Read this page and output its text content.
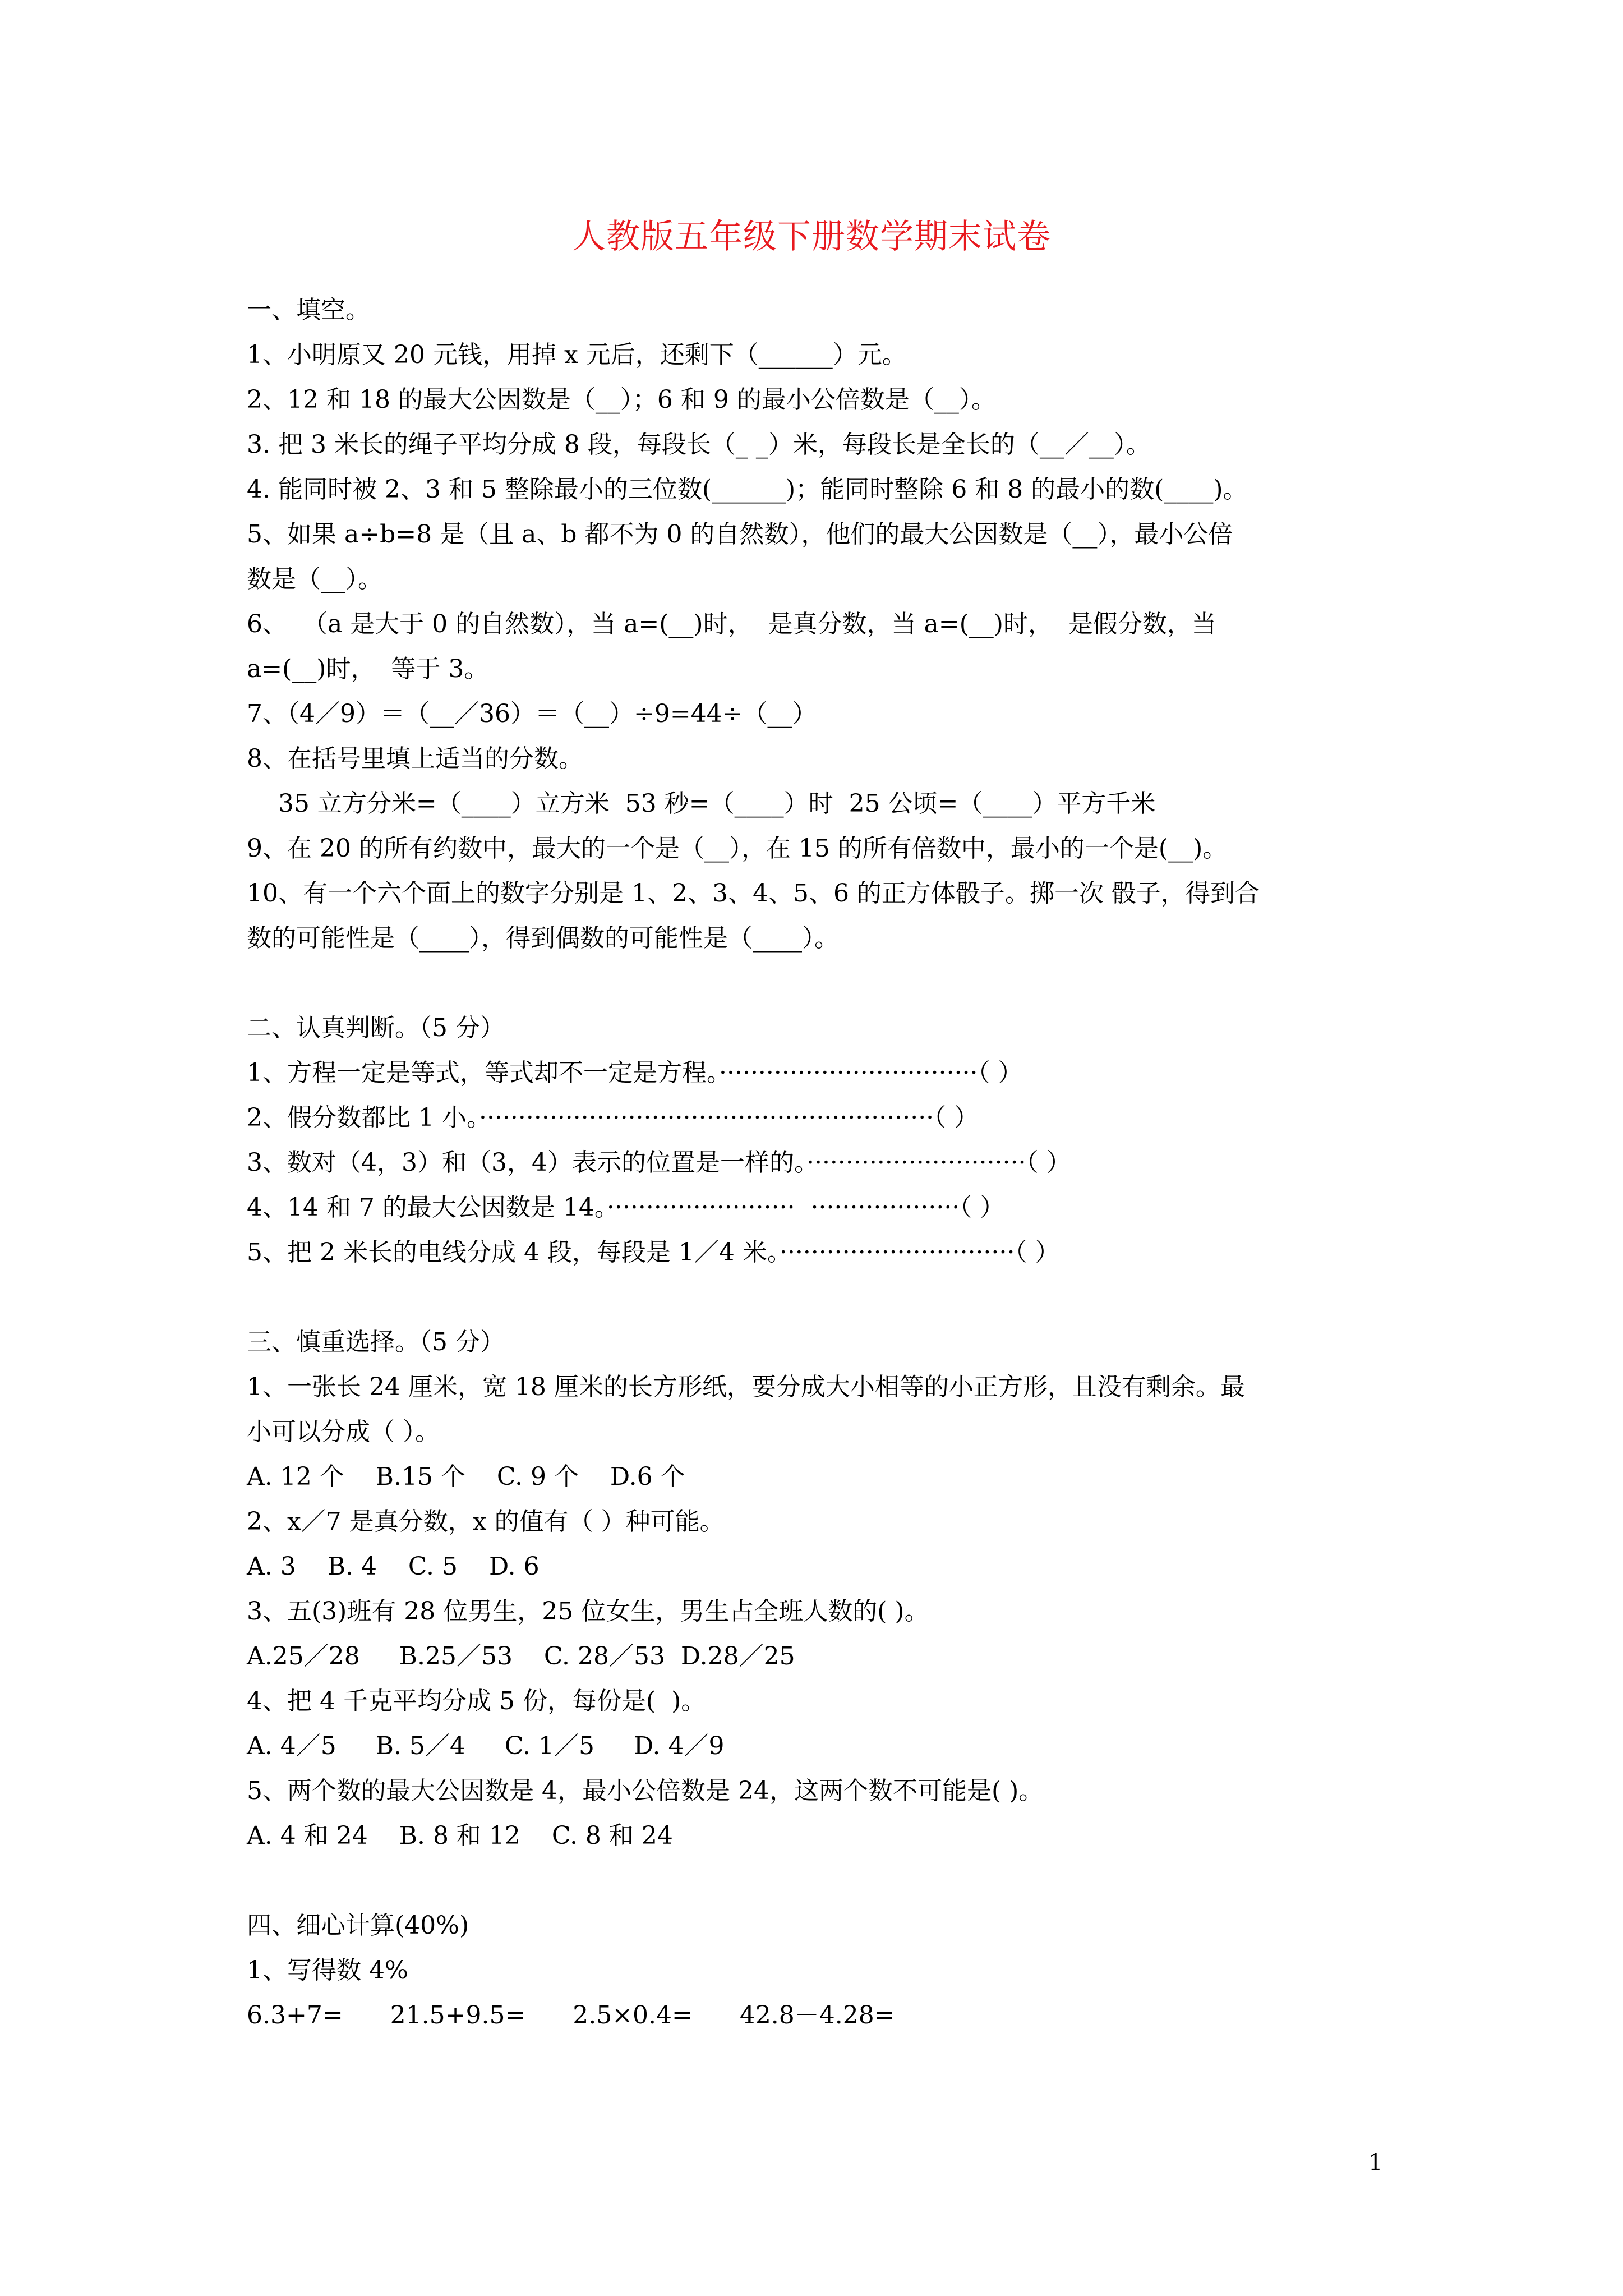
人教版五年级下册数学期末试卷
一、填空。
1、小明原又 20 元钱，用掉 x 元后，还剩下（______）元。
2、12 和 18 的最大公因数是（__）；6 和 9 的最小公倍数是（__）。
3. 把 3 米长的绳子平均分成 8 段，每段长（_ _）米，每段长是全长的（__／__）。
4. 能同时被 2、3 和 5 整除最小的三位数(______)；能同时整除 6 和 8 的最小的数(____)。
5、如果 a÷b=8 是（且 a、b 都不为 0 的自然数），他们的最大公因数是（__），最小公倍
数是（__）。
6、  （a 是大于 0 的自然数），当 a=(__)时，  是真分数，当 a=(__)时，  是假分数，当
a=(__)时，  等于 3。
7、（4／9）＝（__／36）＝（__）÷9=44÷（__）
8、在括号里填上适当的分数。
35 立方分米=（____）立方米  53 秒=（____）时  25 公顷=（____）平方千米
9、在 20 的所有约数中，最大的一个是（__），在 15 的所有倍数中，最小的一个是(__)。
10、有一个六个面上的数字分别是 1、2、3、4、5、6 的正方体骰子。掷一次 骰子，得到合
数的可能性是（____），得到偶数的可能性是（____）。
二、认真判断。（5 分）
1、方程一定是等式，等式却不一定是方程。·································（ ）
2、假分数都比 1 小。··························································（ ）
3、数对（4，3）和（3，4）表示的位置是一样的。····························（ ）
4、14 和 7 的最大公因数是 14。························  ···················（ ）
5、把 2 米长的电线分成 4 段，每段是 1／4 米。······························（ ）
三、慎重选择。（5 分）
1、一张长 24 厘米，宽 18 厘米的长方形纸，要分成大小相等的小正方形，且没有剩余。最
小可以分成（ ）。
A. 12 个    B.15 个    C. 9 个    D.6 个
2、x／7 是真分数，x 的值有（ ）种可能。
A. 3    B. 4    C. 5    D. 6
3、五(3)班有 28 位男生，25 位女生，男生占全班人数的( )。
A.25／28     B.25／53    C. 28／53  D.28／25
4、把 4 千克平均分成 5 份，每份是(  )。
A. 4／5     B. 5／4     C. 1／5     D. 4／9
5、两个数的最大公因数是 4，最小公倍数是 24，这两个数不可能是( )。
A. 4 和 24    B. 8 和 12    C. 8 和 24
四、细心计算(40%)
1、写得数 4%
6.3+7=      21.5+9.5=      2.5×0.4=      42.8－4.28=
1
